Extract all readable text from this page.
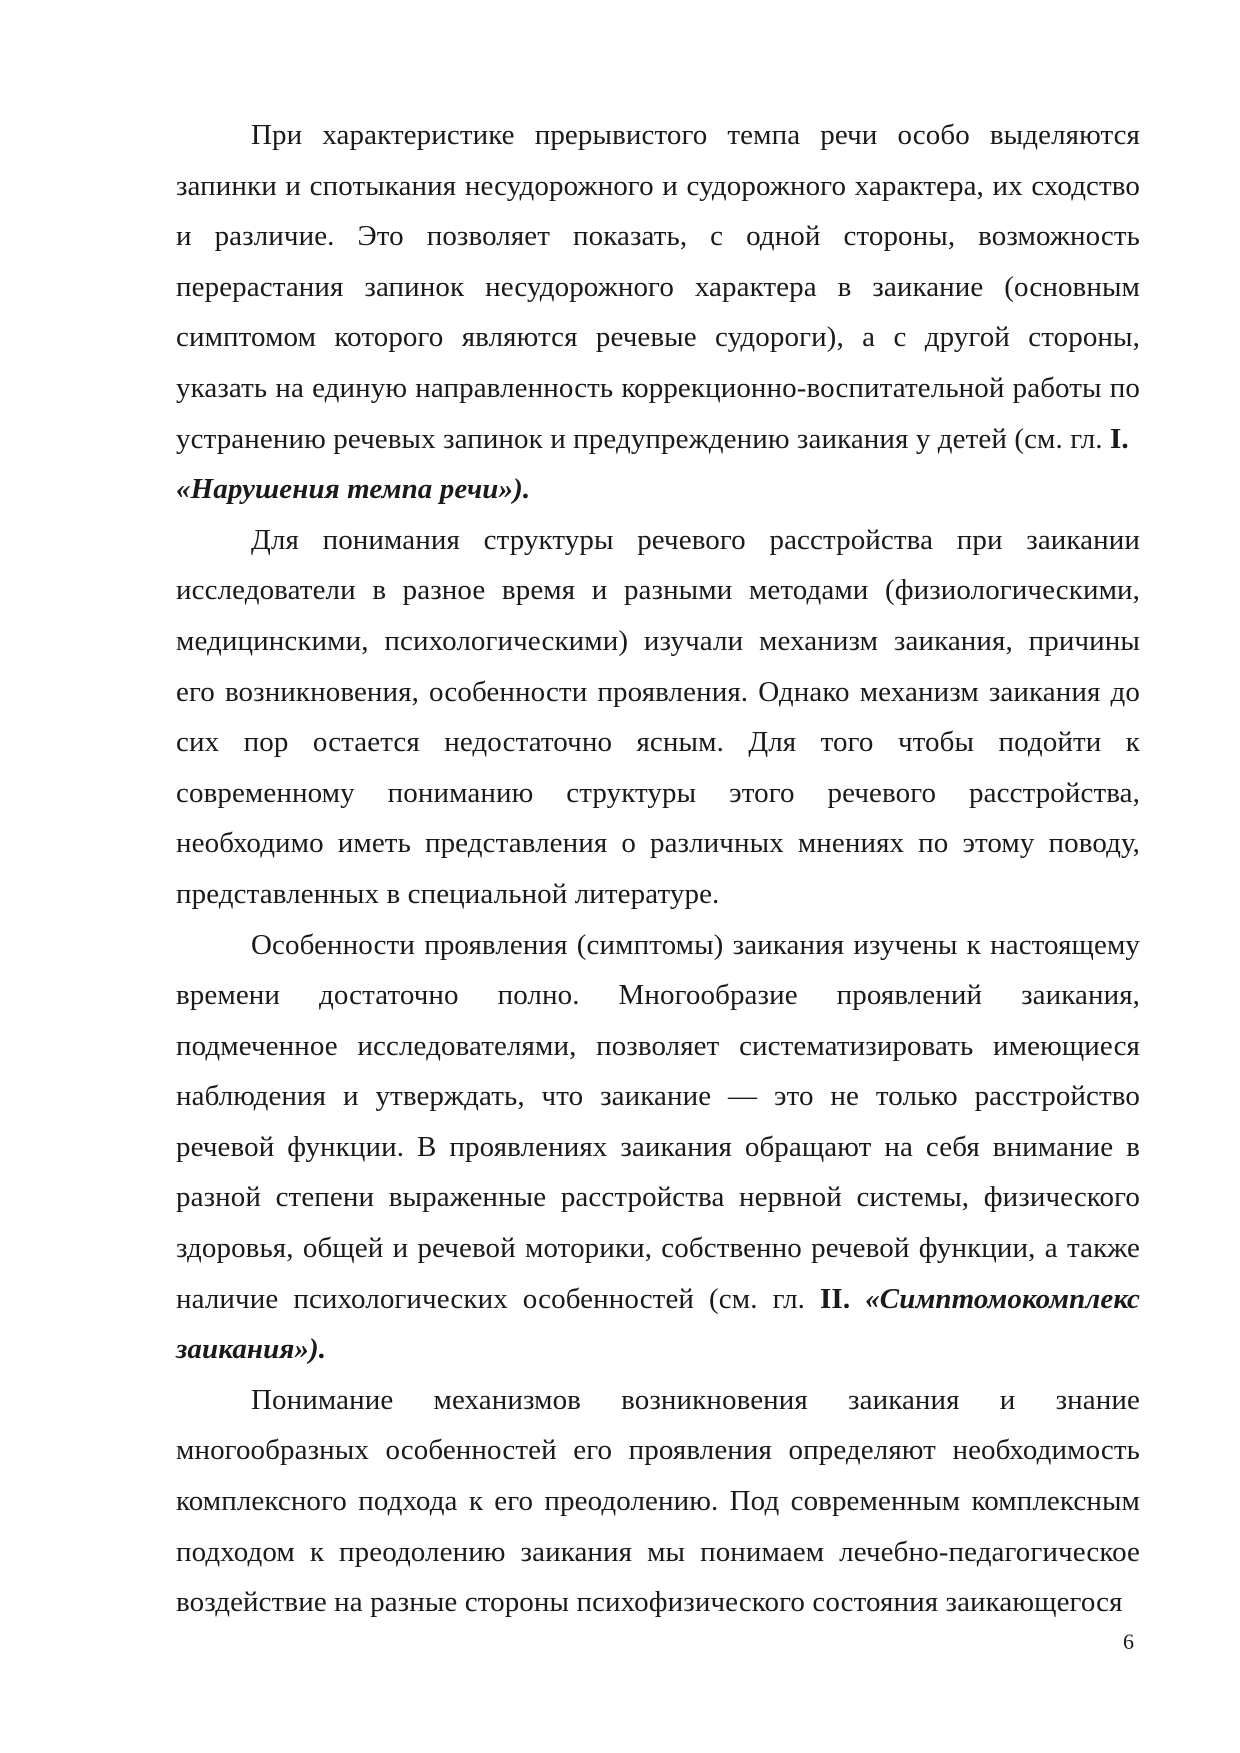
При характеристике прерывистого темпа речи особо выделяются запинки и спотыкания несудорожного и судорожного характера, их сходство и различие. Это позволяет показать, с одной стороны, возможность перерастания запинок несудорожного характера в заикание (основным симптомом которого являются речевые судороги), а с другой стороны, указать на единую направленность коррекционно-воспитательной работы по устранению речевых запинок и предупреждению заикания у детей (см. гл. I.
«Нарушения темпа речи»).

Для понимания структуры речевого расстройства при заикании исследователи в разное время и разными методами (физиологическими, медицинскими, психологическими) изучали механизм заикания, причины его возникновения, особенности проявления. Однако механизм заикания до сих пор остается недостаточно ясным. Для того чтобы подойти к современному пониманию структуры этого речевого расстройства, необходимо иметь представления о различных мнениях по этому поводу, представленных в специальной литературе.

Особенности проявления (симптомы) заикания изучены к настоящему времени достаточно полно. Многообразие проявлений заикания, подмеченное исследователями, позволяет систематизировать имеющиеся наблюдения и утверждать, что заикание — это не только расстройство речевой функции. В проявлениях заикания обращают на себя внимание в разной степени выраженные расстройства нервной системы, физического здоровья, общей и речевой моторики, собственно речевой функции, а также наличие психологических особенностей (см. гл. II. «Симптомокомплекс заикания»).

Понимание механизмов возникновения заикания и знание многообразных особенностей его проявления определяют необходимость комплексного подхода к его преодолению. Под современным комплексным подходом к преодолению заикания мы понимаем лечебно-педагогическое воздействие на разные стороны психофизического состояния заикающегося

6
